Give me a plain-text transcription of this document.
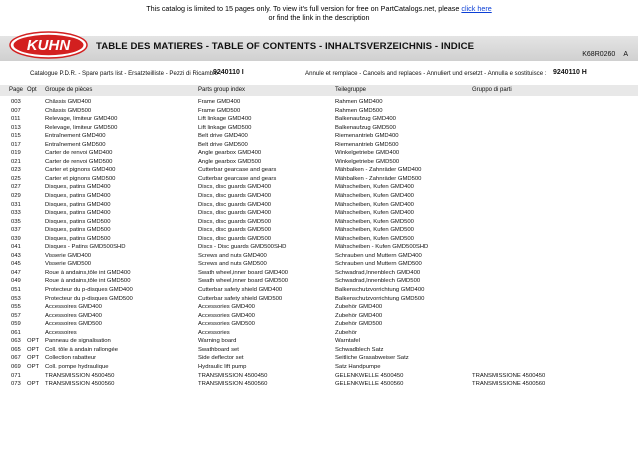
This catalog is limited to 15 pages only. To view it's full version for free on PartCatalogs.net, please click here
or find the link in the description
KUHN	TABLE DES MATIERES - TABLE OF CONTENTS - INHALTSVERZEICHNIS - INDICE
K68R0260 A
Catalogue P.D.R. - Spare parts list - Ersatzteilliste - Pezzi di Ricambio :
9240110 I	Annule et remplace - Cancels and replaces - Annuliert und ersetzt - Annulla e sostituisce : 9240110 H
Page Opt Groupe de pièces	Parts group index	Teilegruppe	Gruppo di parti
003	Châssis GMD400	Frame GMD400	Rahmen GMD400
007	Châssis GMD500	Frame GMD500	Rahmen GMD500
011	Relevage, limiteur GMD400	Lift linkage GMD400	Balkenaufzug GMD400
013	Relevage, limiteur GMD500	Lift linkage GMD500	Balkenaufzug GMD500
015	Entraînement GMD400	Belt drive GMD400	Riemenantrieb GMD400
017	Entraînement GMD500	Belt drive GMD500	Riemenantrieb GMD500
019	Carter de renvoi GMD400	Angle gearbox GMD400	Winkelgetriebe GMD400
021	Carter de renvoi GMD500	Angle gearbox GMD500	Winkelgetriebe GMD500
023	Carter et pignons GMD400	Cutterbar gearcase and gears	Mähbalken - Zahnräder GMD400
025	Carter et pignons GMD500	Cutterbar gearcase and gears	Mähbalken - Zahnräder GMD500
027	Disques, patins GMD400	Discs, disc guards GMD400	Mähscheiben, Kufen GMD400
029	Disques, patins GMD400	Discs, disc guards GMD400	Mähscheiben, Kufen GMD400
031	Disques, patins GMD400	Discs, disc guards GMD400	Mähscheiben, Kufen GMD400
033	Disques, patins GMD400	Discs, disc guards GMD400	Mähscheiben, Kufen GMD400
035	Disques, patins GMD500	Discs, disc guards GMD500	Mähscheiben, Kufen GMD500
037	Disques, patins GMD500	Discs, disc guards GMD500	Mähscheiben, Kufen GMD500
039	Disques, patins GMD500	Discs, disc guards GMD500	Mähscheiben, Kufen GMD500
041	Disques - Patins GMD500SHD	Discs - Disc guards GMD500SHD	Mähscheiben - Kufen GMD500SHD
043	Visserie GMD400	Screws and nuts GMD400	Schrauben und Muttern GMD400
045	Visserie GMD500	Screws and nuts GMD500	Schrauben und Muttern GMD500
047	Roue à andains,tôle int GMD400	Swath wheel,inner board GMD400	Schwadrad,Innenblech GMD400
049	Roue à andains,tôle int GMD500	Swath wheel,inner board GMD500	Schwadrad,Innenblech GMD500
051	Protecteur du p-disques GMD400	Cutterbar safety shield GMD400	Balkenschutzvorrichtung GMD400
053	Protecteur du p-disques GMD500	Cutterbar safety shield GMD500	Balkenschutzvorrichtung GMD500
055	Accessoires GMD400	Accessories GMD400	Zubehör GMD400
057	Accessoires GMD400	Accessories GMD400	Zubehör GMD400
059	Accessoires GMD500	Accessories GMD500	Zubehör GMD500
061	Accessoires	Accessories	Zubehör
063 OPT Panneau de signalisation	Warning board	Warntafel
065 OPT Coll. tôle à andain rallongée	Swathboard set	Schwadblech Satz
067 OPT Collection rabatteur	Side deflector set	Seitliche Grasabweiser Satz
069 OPT Coll. pompe hydraulique	Hydraulic lift pump	Satz Handpumpe
071	TRANSMISSION 4500450	TRANSMISSION 4500450	GELENKWELLE 4500450	TRANSMISSIONE 4500450
073 OPT TRANSMISSION 4500560	TRANSMISSION 4500560	GELENKWELLE 4500560	TRANSMISSIONE 4500560
